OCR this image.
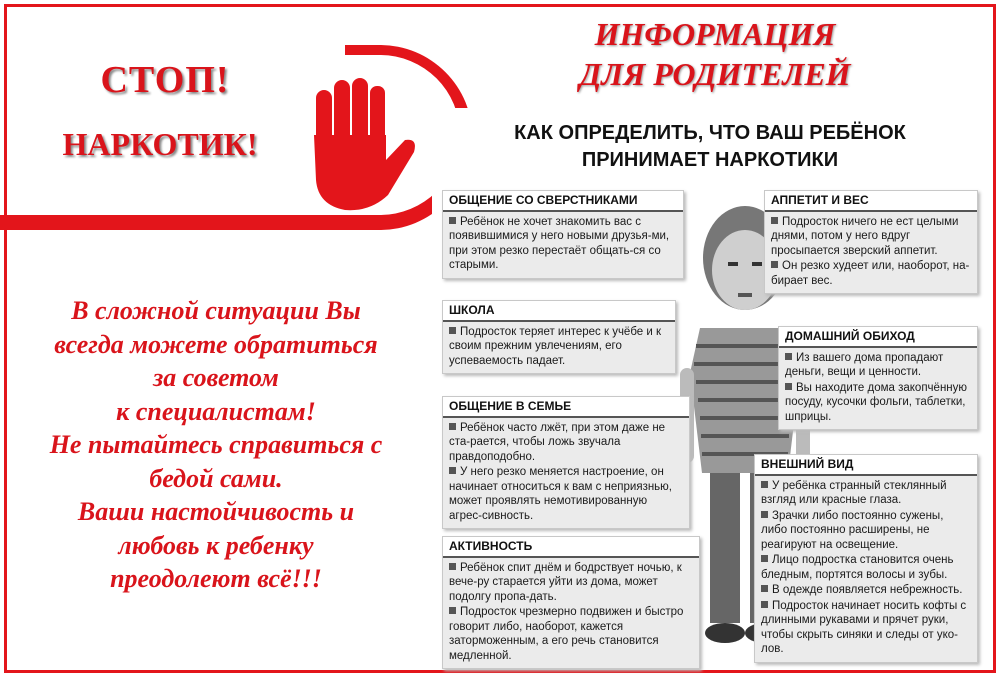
СТОП!
НАРКОТИК!
ИНФОРМАЦИЯ
ДЛЯ РОДИТЕЛЕЙ
В сложной ситуации Вы
всегда можете обратиться
за советом
к специалистам!
Не пытайтесь справиться с
бедой сами.
Ваши настойчивость и
любовь к ребенку
преодолеют всё!!!
КАК ОПРЕДЕЛИТЬ, ЧТО ВАШ РЕБЁНОК
ПРИНИМАЕТ НАРКОТИКИ
ОБЩЕНИЕ СО СВЕРСТНИКАМИ
Ребёнок не хочет знакомить вас с появившимися у него новыми друзья-ми, при этом резко перестаёт общать-ся со старыми.
ШКОЛА
Подросток теряет интерес к учёбе и к своим прежним увлечениям, его успеваемость падает.
ОБЩЕНИЕ В СЕМЬЕ
Ребёнок часто лжёт, при этом даже не ста-рается, чтобы ложь звучала правдоподобно.
У него резко меняется настроение, он начинает относиться к вам с неприязнью, может проявлять немотивированную агрес-сивность.
АКТИВНОСТЬ
Ребёнок спит днём и бодрствует ночью, к вече-ру старается уйти из дома, может подолгу пропа-дать.
Подросток чрезмерно подвижен и быстро говорит либо, наоборот, кажется заторможенным, а его речь становится медленной.
АППЕТИТ И ВЕС
Подросток ничего не ест целыми днями, потом у него вдруг просыпается зверский аппетит.
Он резко худеет или, наоборот, на-бирает вес.
ДОМАШНИЙ ОБИХОД
Из вашего дома пропадают деньги, вещи и ценности.
Вы находите дома закопчённую посуду, кусочки фольги, таблетки, шприцы.
ВНЕШНИЙ ВИД
У ребёнка странный стеклянный взгляд или красные глаза.
Зрачки либо постоянно сужены, либо постоянно расширены, не реагируют на освещение.
Лицо подростка становится очень бледным, портятся волосы и зубы.
В одежде появляется небрежность.
Подросток начинает носить кофты с длинными рукавами и прячет руки, чтобы скрыть синяки и следы от уко-лов.
